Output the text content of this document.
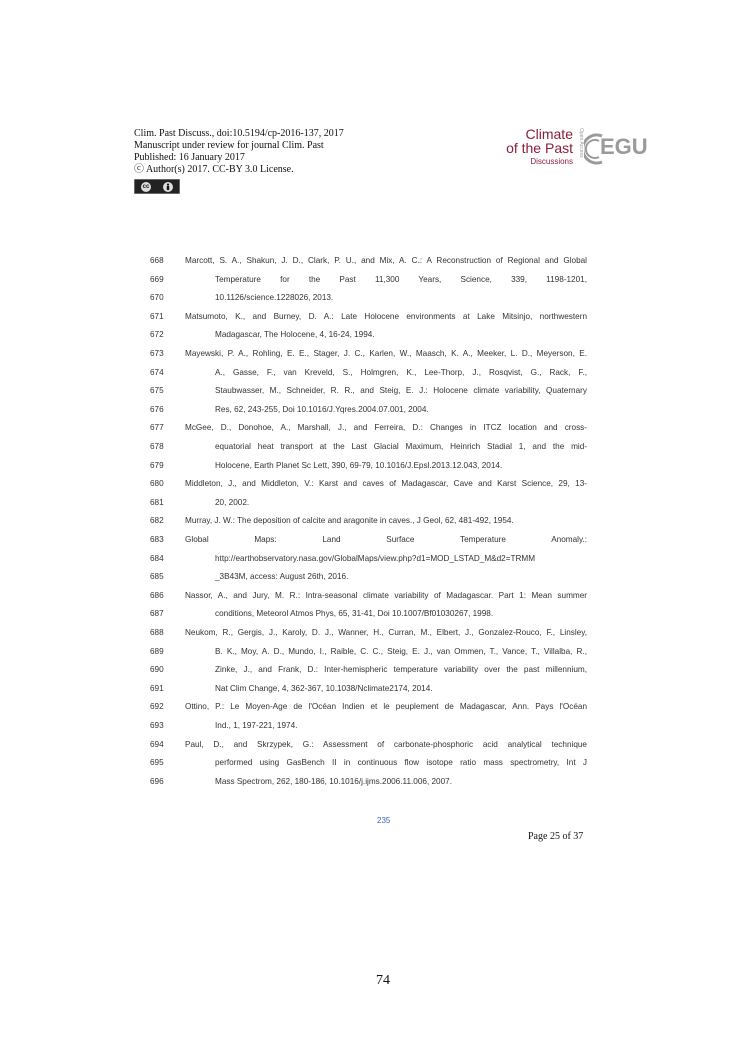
Clim. Past Discuss., doi:10.5194/cp-2016-137, 2017
Manuscript under review for journal Clim. Past
Published: 16 January 2017
ⓒ Author(s) 2017. CC-BY 3.0 License.
cc
Climate
of the Past
Discussions
Open Access EGU
668	Marcott, S. A., Shakun, J. D., Clark, P. U., and Mix, A. C.: A Reconstruction of Regional and Global
669	Temperature for the Past 11,300 Years, Science, 339, 1198-1201,
670	10.1126/science.1228026, 2013.
671	Matsumoto, K., and Burney, D. A.: Late Holocene environments at Lake Mitsinjo, northwestern
672	Madagascar, The Holocene, 4, 16-24, 1994.
673	Mayewski, P. A., Rohling, E. E., Stager, J. C., Karlen, W., Maasch, K. A., Meeker, L. D., Meyerson, E.
674	A., Gasse, F., van Kreveld, S., Holmgren, K., Lee-Thorp, J., Rosqvist, G., Rack, F.,
675	Staubwasser, M., Schneider, R. R., and Steig, E. J.: Holocene climate variability, Quaternary
676	Res, 62, 243-255, Doi 10.1016/J.Yqres.2004.07.001, 2004.
677	McGee, D., Donohoe, A., Marshall, J., and Ferreira, D.: Changes in ITCZ location and cross-
678	equatorial heat transport at the Last Glacial Maximum, Heinrich Stadial 1, and the mid-
679	Holocene, Earth Planet Sc Lett, 390, 69-79, 10.1016/J.Epsl.2013.12.043, 2014.
680	Middleton, J., and Middleton, V.: Karst and caves of Madagascar, Cave and Karst Science, 29, 13-
681	20, 2002.
682	Murray, J. W.: The deposition of calcite and aragonite in caves., J Geol, 62, 481-492, 1954.
683	Global Maps: Land Surface Temperature Anomaly.:
684	http://earthobservatory.nasa.gov/GlobalMaps/view.php?d1=MOD_LSTAD_M&d2=TRMM
685	_3B43M, access: August 26th, 2016.
686	Nassor, A., and Jury, M. R.: Intra-seasonal climate variability of Madagascar. Part 1: Mean summer
687	conditions, Meteorol Atmos Phys, 65, 31-41, Doi 10.1007/Bf01030267, 1998.
688	Neukom, R., Gergis, J., Karoly, D. J., Wanner, H., Curran, M., Elbert, J., Gonzalez-Rouco, F., Linsley,
689	B. K., Moy, A. D., Mundo, I., Raible, C. C., Steig, E. J., van Ommen, T., Vance, T., Villalba, R.,
690	Zinke, J., and Frank, D.: Inter-hemispheric temperature variability over the past millennium,
691	Nat Clim Change, 4, 362-367, 10.1038/Nclimate2174, 2014.
692	Ottino, P.: Le Moyen-Age de l'Océan Indien et le peuplement de Madagascar, Ann. Pays l'Océan
693	Ind., 1, 197-221, 1974.
694	Paul, D., and Skrzypek, G.: Assessment of carbonate-phosphoric acid analytical technique
695	performed using GasBench II in continuous flow isotope ratio mass spectrometry, Int J
696	Mass Spectrom, 262, 180-186, 10.1016/j.ijms.2006.11.006, 2007.
235
Page 25 of 37
74
